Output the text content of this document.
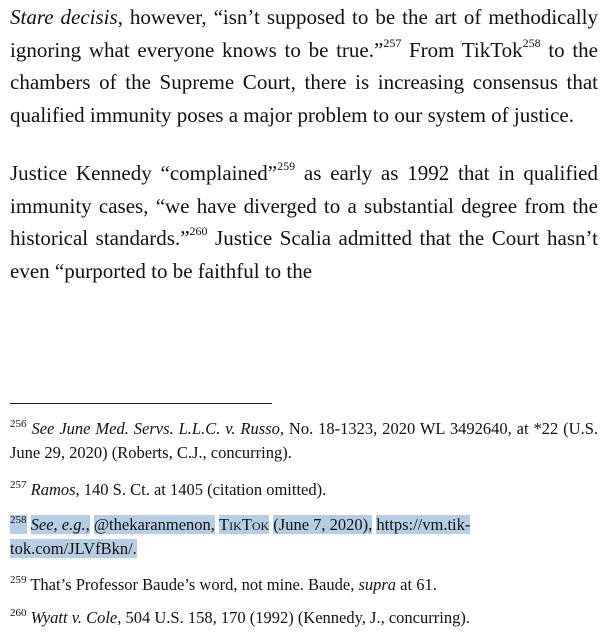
Stare decisis, however, “isn’t supposed to be the art of methodically ignoring what everyone knows to be true.”$^{257}$ From TikTok$^{258}$ to the chambers of the Supreme Court, there is increasing consensus that qualified immunity poses a major problem to our system of justice.

Justice Kennedy “complained”$^{259}$ as early as 1992 that in qualified immunity cases, “we have diverged to a substantial degree from the historical standards.”$^{260}$ Justice Scalia admitted that the Court hasn’t even “purported to be faithful to the

$^{256}$ See June Med. Servs. L.L.C. v. Russo, No. 18-1323, 2020 WL 3492640, at *22 (U.S. June 29, 2020) (Roberts, C.J., concurring).

$^{257}$ Ramos, 140 S. Ct. at 1405 (citation omitted).

$^{258}$ See, e.g., @thekaranmenon, TikTok (June 7, 2020), https://vm.tik-
tok.com/JLVfBkn/.

$^{259}$ That’s Professor Baude’s word, not mine. Baude, supra at 61.

$^{260}$ Wyatt v. Cole, 504 U.S. 158, 170 (1992) (Kennedy, J., concurring).
